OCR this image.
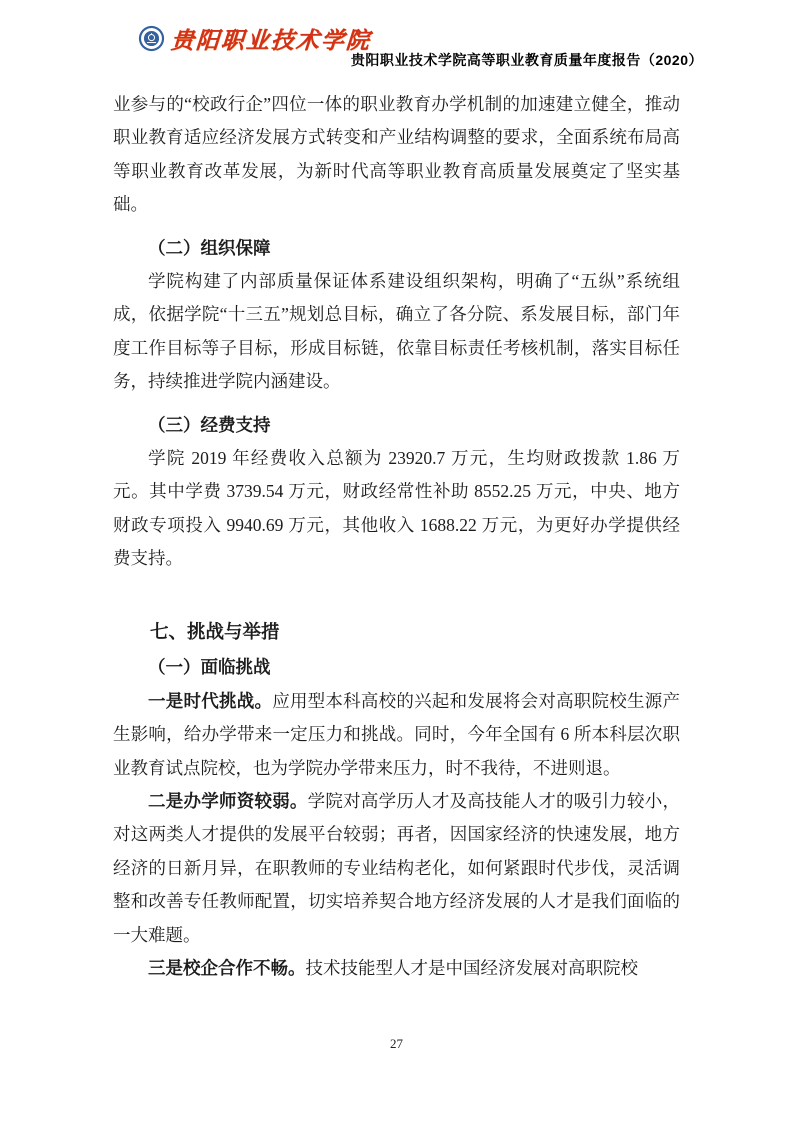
贵阳职业技术学院
贵阳职业技术学院高等职业教育质量年度报告（2020）

业参与的“校政行企”四位一体的职业教育办学机制的加速建立健全，推动职业教育适应经济发展方式转变和产业结构调整的要求，全面系统布局高等职业教育改革发展，为新时代高等职业教育高质量发展奠定了坚实基础。

（二）组织保障

学院构建了内部质量保证体系建设组织架构，明确了“五纵”系统组成，依据学院“十三五”规划总目标，确立了各分院、系发展目标，部门年度工作目标等子目标，形成目标链，依靠目标责任考核机制，落实目标任务，持续推进学院内涵建设。

（三）经费支持

学院 2019 年经费收入总额为 23920.7 万元，生均财政拨款 1.86 万元。其中学费 3739.54 万元，财政经常性补助 8552.25 万元，中央、地方财政专项投入 9940.69 万元，其他收入 1688.22 万元，为更好办学提供经费支持。

七、挑战与举措
（一）面临挑战

一是时代挑战。应用型本科高校的兴起和发展将会对高职院校生源产生影响，给办学带来一定压力和挑战。同时，今年全国有 6 所本科层次职业教育试点院校，也为学院办学带来压力，时不我待，不进则退。

二是办学师资较弱。学院对高学历人才及高技能人才的吸引力较小，对这两类人才提供的发展平台较弱；再者，因国家经济的快速发展，地方经济的日新月异，在职教师的专业结构老化，如何紧跟时代步伐，灵活调整和改善专任教师配置，切实培养契合地方经济发展的人才是我们面临的一大难题。

三是校企合作不畅。技术技能型人才是中国经济发展对高职院校

27
